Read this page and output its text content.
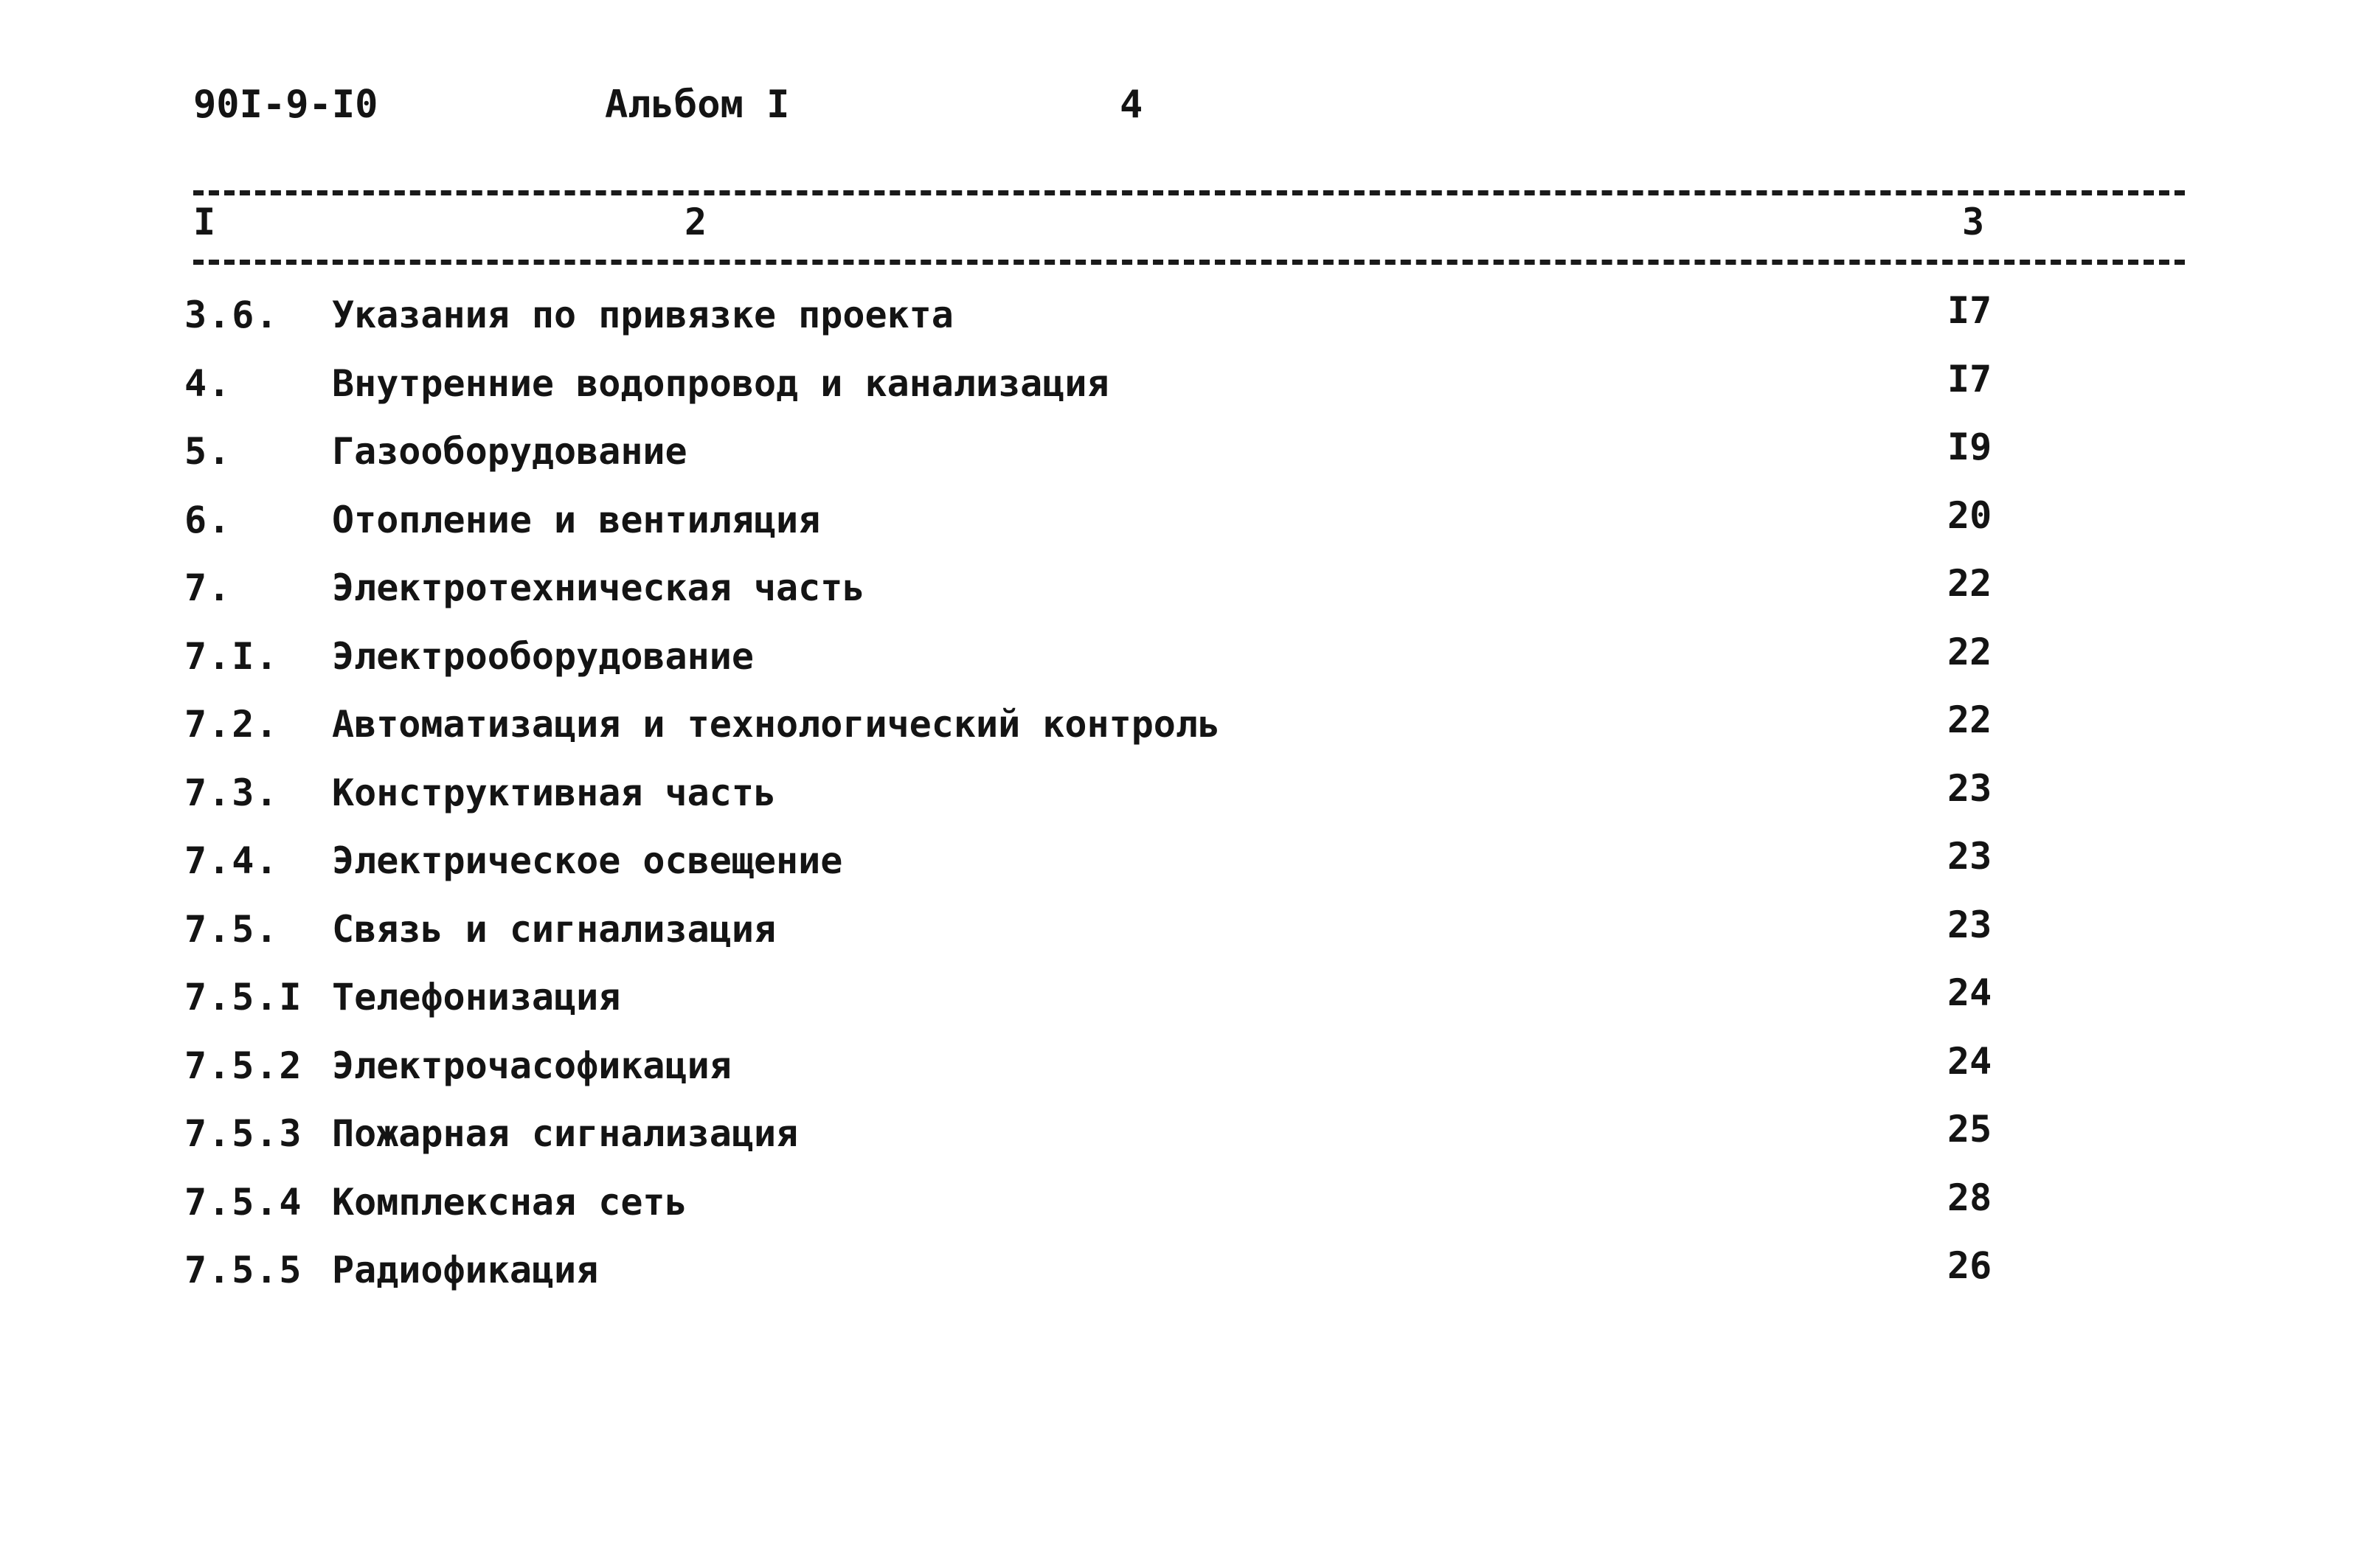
90I-9-I0	Альбом I	4
I	2	3
3.6. Указания по привязке проекта	I7
4.	Внутренние водопровод и канализация	I7
5.	Газооборудование	I9
6.	Отопление и вентиляция	20
7.	Электротехническая часть	22
7.I. Электрооборудование	22
7.2. Автоматизация и технологический контроль	22
7.3. Конструктивная часть	23
7.4. Электрическое освещение	23
7.5. Связь и сигнализация	23
7.5.I Телефонизация	24
7.5.2 Электрочасофикация	24
7.5.3 Пожарная сигнализация	25
7.5.4 Комплексная сеть	28
7.5.5 Радиофикация	26
